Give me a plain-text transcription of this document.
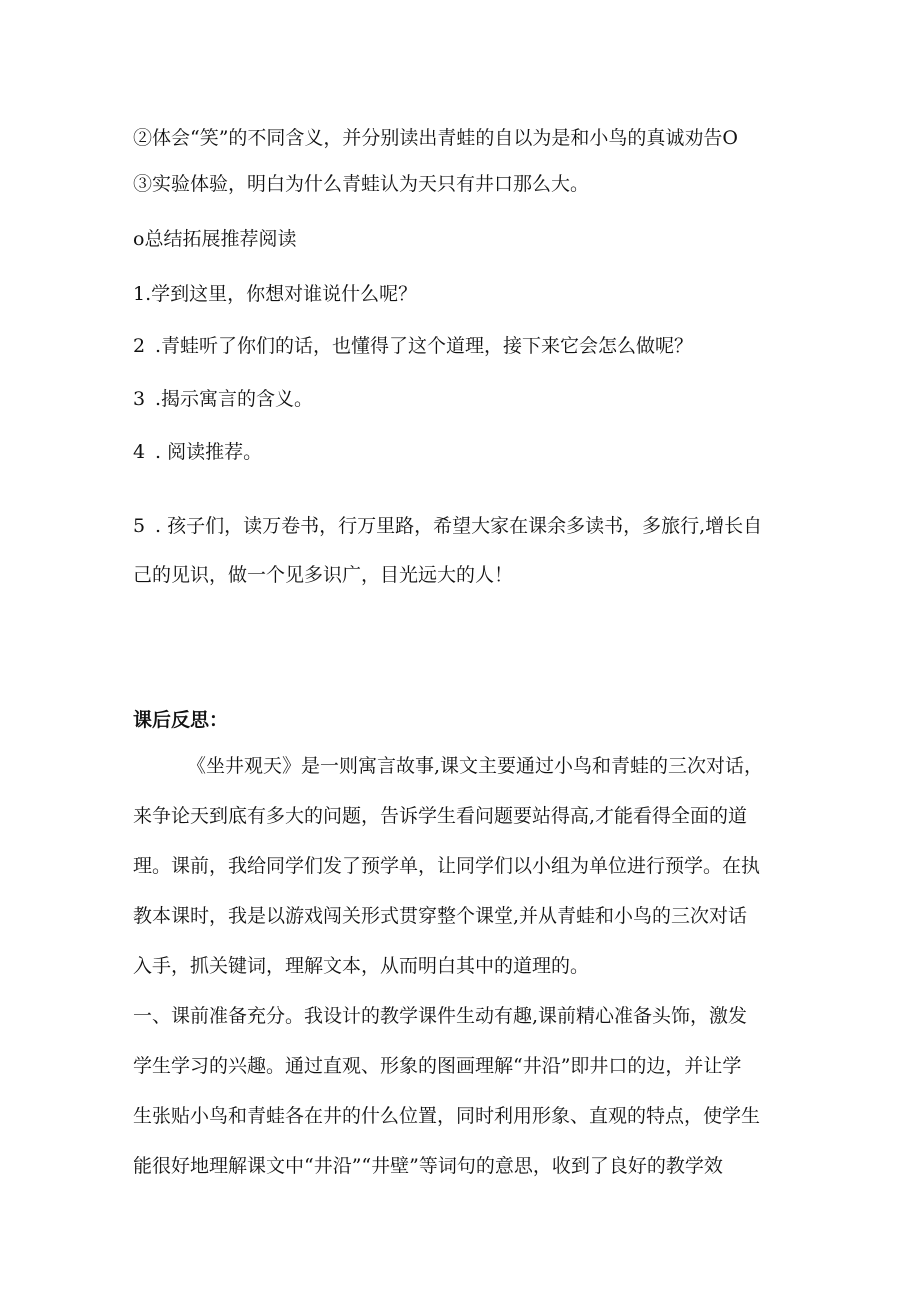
②体会“笑”的不同含义，并分别读出青蛙的自以为是和小鸟的真诚劝告O

③实验体验，明白为什么青蛙认为天只有井口那么大。

o总结拓展推荐阅读

1.学到这里，你想对谁说什么呢？

2 .青蛙听了你们的话，也懂得了这个道理，接下来它会怎么做呢？

3 .揭示寓言的含义。

4 . 阅读推荐。

5 . 孩子们，读万卷书，行万里路，希望大家在课余多读书，多旅行,增长自

己的见识，做一个见多识广，目光远大的人！

课后反思：

《坐井观天》是一则寓言故事,课文主要通过小鸟和青蛙的三次对话，

来争论天到底有多大的问题，告诉学生看问题要站得高,才能看得全面的道

理。课前，我给同学们发了预学单，让同学们以小组为单位进行预学。在执

教本课时，我是以游戏闯关形式贯穿整个课堂,并从青蛙和小鸟的三次对话

入手，抓关键词，理解文本，从而明白其中的道理的。

一、课前准备充分。我设计的教学课件生动有趣,课前精心准备头饰，激发

学生学习的兴趣。通过直观、形象的图画理解“井沿”即井口的边，并让学

生张贴小鸟和青蛙各在井的什么位置，同时利用形象、直观的特点，使学生

能很好地理解课文中“井沿”“井壁”等词句的意思，收到了良好的教学效
